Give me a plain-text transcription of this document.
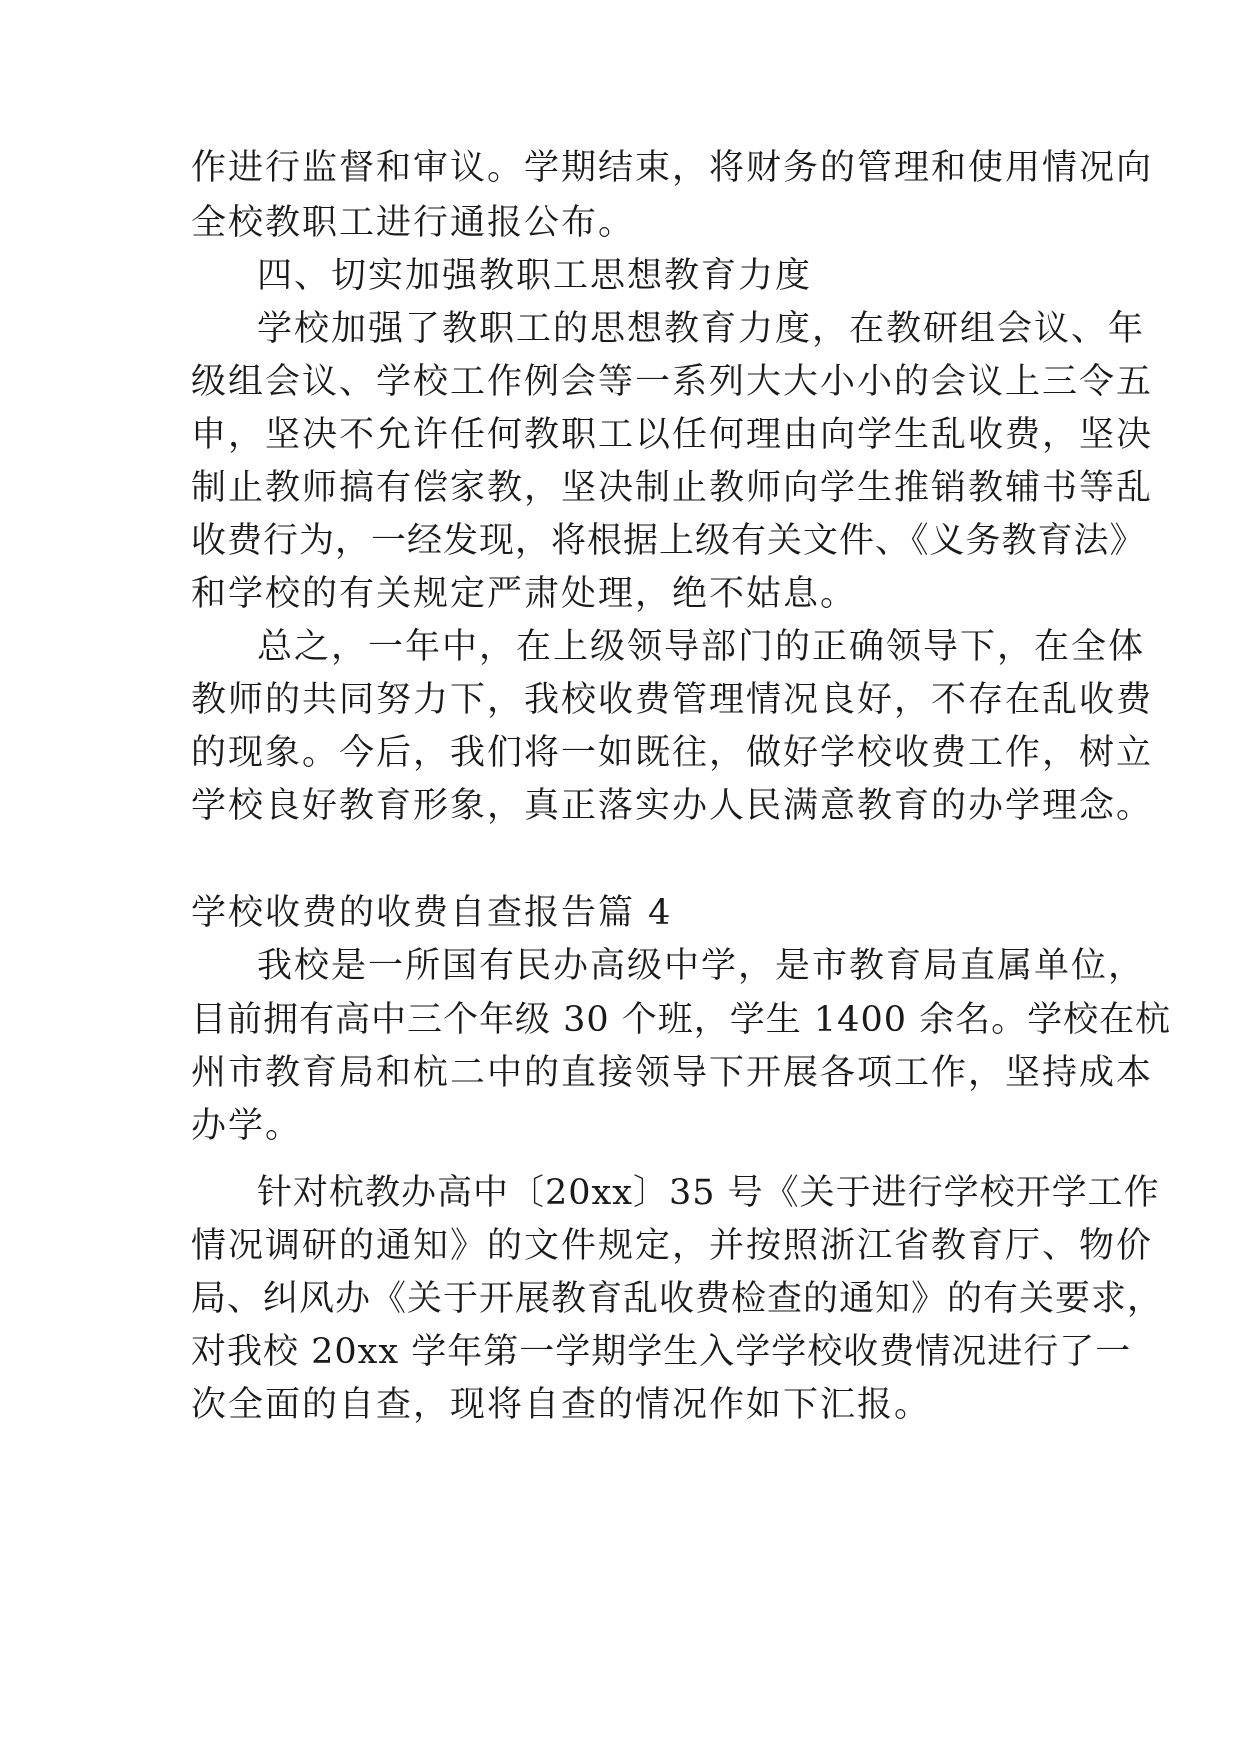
作进行监督和审议。学期结束，将财务的管理和使用情况向
全校教职工进行通报公布。
四、切实加强教职工思想教育力度
学校加强了教职工的思想教育力度，在教研组会议、年
级组会议、学校工作例会等一系列大大小小的会议上三令五
申，坚决不允许任何教职工以任何理由向学生乱收费，坚决
制止教师搞有偿家教，坚决制止教师向学生推销教辅书等乱
收费行为，一经发现，将根据上级有关文件、《义务教育法》
和学校的有关规定严肃处理，绝不姑息。
总之，一年中，在上级领导部门的正确领导下，在全体
教师的共同努力下，我校收费管理情况良好，不存在乱收费
的现象。今后，我们将一如既往，做好学校收费工作，树立
学校良好教育形象，真正落实办人民满意教育的办学理念。
学校收费的收费自查报告篇 4
我校是一所国有民办高级中学，是市教育局直属单位，
目前拥有高中三个年级 30 个班，学生 1400 余名。学校在杭
州市教育局和杭二中的直接领导下开展各项工作，坚持成本
办学。
针对杭教办高中〔20xx〕35 号《关于进行学校开学工作
情况调研的通知》的文件规定，并按照浙江省教育厅、物价
局、纠风办《关于开展教育乱收费检查的通知》的有关要求，
对我校 20xx 学年第一学期学生入学学校收费情况进行了一
次全面的自查，现将自查的情况作如下汇报。
